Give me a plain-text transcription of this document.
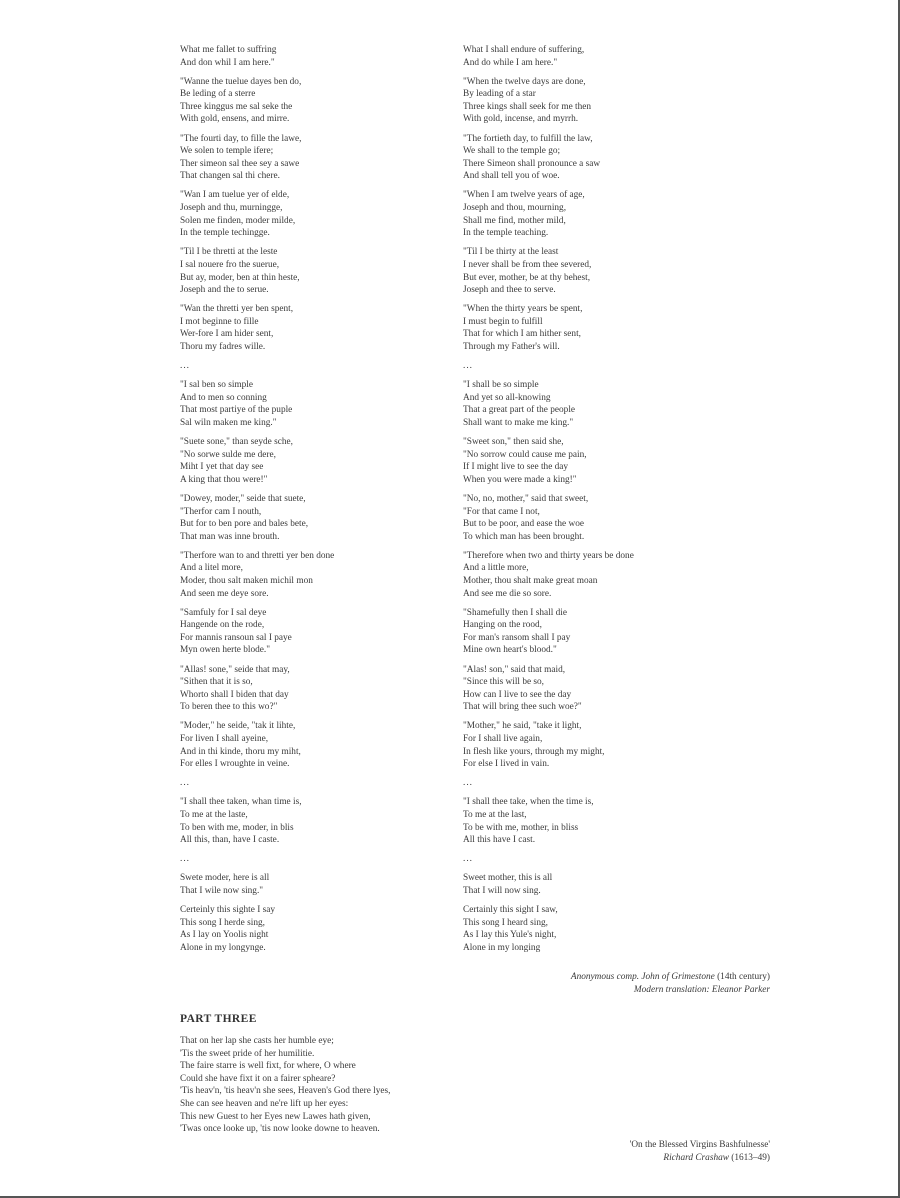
What me fallet to suffring
And don whil I am here."
"Wanne the tuelue dayes ben do,
Be leding of a sterre
Three kinggus me sal seke the
With gold, ensens, and mirre.
"The fourti day, to fille the lawe,
We solen to temple ifere;
Ther simeon sal thee sey a sawe
That changen sal thi chere.
"Wan I am tuelue yer of elde,
Joseph and thu, murningge,
Solen me finden, moder milde,
In the temple techingge.
"Til I be thretti at the leste
I sal nouere fro the suerue,
But ay, moder, ben at thin heste,
Joseph and the to serue.
"Wan the thretti yer ben spent,
I mot beginne to fille
Wer-fore I am hider sent,
Thoru my fadres wille.
...
"I sal ben so simple
And to men so conning
That most partiye of the puple
Sal wiln maken me king."
"Suete sone," than seyde sche,
"No sorwe sulde me dere,
Miht I yet that day see
A king that thou were!"
"Dowey, moder," seide that suete,
"Therfor cam I nouth,
But for to ben pore and bales bete,
That man was inne brouth.
"Therfore wan to and thretti yer ben done
And a litel more,
Moder, thou salt maken michil mon
And seen me deye sore.
"Samfuly for I sal deye
Hangende on the rode,
For mannis ransoun sal I paye
Myn owen herte blode."
"Allas! sone," seide that may,
"Sithen that it is so,
Whorto shall I biden that day
To beren thee to this wo?"
"Moder," he seide, "tak it lihte,
For liven I shall ayeine,
And in thi kinde, thoru my miht,
For elles I wroughte in veine.
...
"I shall thee taken, whan time is,
To me at the laste,
To ben with me, moder, in blis
All this, than, have I caste.
...
Swete moder, here is all
That I wile now sing."
Certeinly this sighte I say
This song I herde sing,
As I lay on Yoolis night
Alone in my longynge.
What I shall endure of suffering,
And do while I am here."
"When the twelve days are done,
By leading of a star
Three kings shall seek for me then
With gold, incense, and myrrh.
"The fortieth day, to fulfill the law,
We shall to the temple go;
There Simeon shall pronounce a saw
And shall tell you of woe.
"When I am twelve years of age,
Joseph and thou, mourning,
Shall me find, mother mild,
In the temple teaching.
"Til I be thirty at the least
I never shall be from thee severed,
But ever, mother, be at thy behest,
Joseph and thee to serve.
"When the thirty years be spent,
I must begin to fulfill
That for which I am hither sent,
Through my Father's will.
...
"I shall be so simple
And yet so all-knowing
That a great part of the people
Shall want to make me king."
"Sweet son," then said she,
"No sorrow could cause me pain,
If I might live to see the day
When you were made a king!"
"No, no, mother," said that sweet,
"For that came I not,
But to be poor, and ease the woe
To which man has been brought.
"Therefore when two and thirty years be done
And a little more,
Mother, thou shalt make great moan
And see me die so sore.
"Shamefully then I shall die
Hanging on the rood,
For man's ransom shall I pay
Mine own heart's blood."
"Alas! son," said that maid,
"Since this will be so,
How can I live to see the day
That will bring thee such woe?"
"Mother," he said, "take it light,
For I shall live again,
In flesh like yours, through my might,
For else I lived in vain.
...
"I shall thee take, when the time is,
To me at the last,
To be with me, mother, in bliss
All this have I cast.
...
Sweet mother, this is all
That I will now sing.
Certainly this sight I saw,
This song I heard sing,
As I lay this Yule's night,
Alone in my longing
Anonymous comp. John of Grimestone (14th century)
Modern translation: Eleanor Parker
PART THREE
That on her lap she casts her humble eye;
'Tis the sweet pride of her humilitie.
The faire starre is well fixt, for where, O where
Could she have fixt it on a fairer spheare?
'Tis heav'n, 'tis heav'n she sees, Heaven's God there lyes,
She can see heaven and ne're lift up her eyes:
This new Guest to her Eyes new Lawes hath given,
'Twas once looke up, 'tis now looke downe to heaven.
'On the Blessed Virgins Bashfulnesse'
Richard Crashaw (1613–49)
